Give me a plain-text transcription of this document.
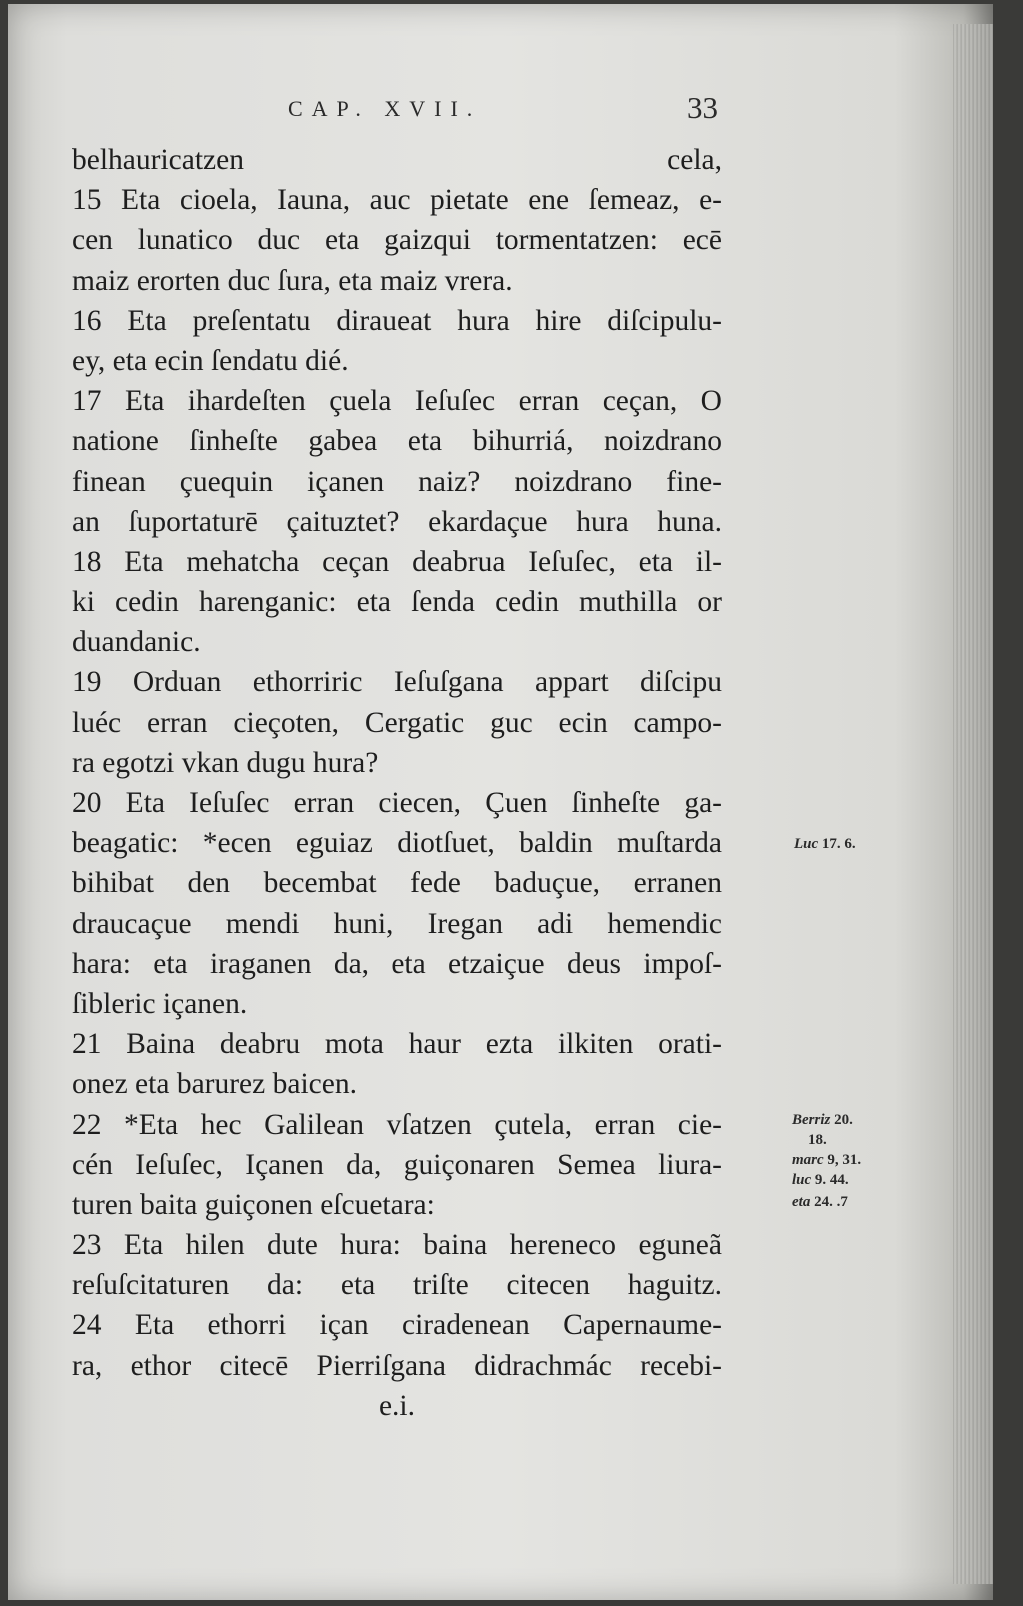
CAP. XVII.	33
belhauricatzen cela,
15 Eta cioela, Iauna, auc pietate ene ſemeaz, e-
cen lunatico duc eta gaizqui tormentatzen: ecē
maiz erorten duc ſura, eta maiz vrera.
16 Eta preſentatu diraueat hura hire diſcipulu-
ey, eta ecin ſendatu dié.
17 Eta ihardeſten çuela Ieſuſec erran ceçan, O
natione ſinheſte gabea eta bihurriá, noizdrano
finean çuequin içanen naiz? noizdrano fine-
an ſuportaturē çaituztet? ekardaçue hura huna.
18 Eta mehatcha ceçan deabrua Ieſuſec, eta il-
ki cedin harenganic: eta ſenda cedin muthilla or
duandanic.
19 Orduan ethorriric Ieſuſgana appart diſcipu
luéc erran cieçoten, Cergatic guc ecin campo-
ra egotzi vkan dugu hura?
20 Eta Ieſuſec erran ciecen, Çuen ſinheſte ga-
beagatic: *ecen eguiaz diotſuet, baldin muſtarda
bihibat den becembat fede baduçue, erranen
draucaçue mendi huni, Iregan adi hemendic
hara: eta iraganen da, eta etzaiçue deus impoſ-
ſibleric içanen.
21 Baina deabru mota haur ezta ilkiten orati-
onez eta barurez baicen.
22 *Eta hec Galilean vſatzen çutela, erran cie-
cén Ieſuſec, Içanen da, guiçonaren Semea liura-
turen baita guiçonen eſcuetara:
23 Eta hilen dute hura: baina hereneco eguneã
reſuſcitaturen da: eta triſte citecen haguitz.
24 Eta ethorri içan ciradenean Capernaume-
ra, ethor citecē Pierriſgana didrachmác recebi-
e.i.
Luc 17. 6.
Berriz 20.
18.
marc 9, 31.
luc 9. 44.
eta 24. .7
